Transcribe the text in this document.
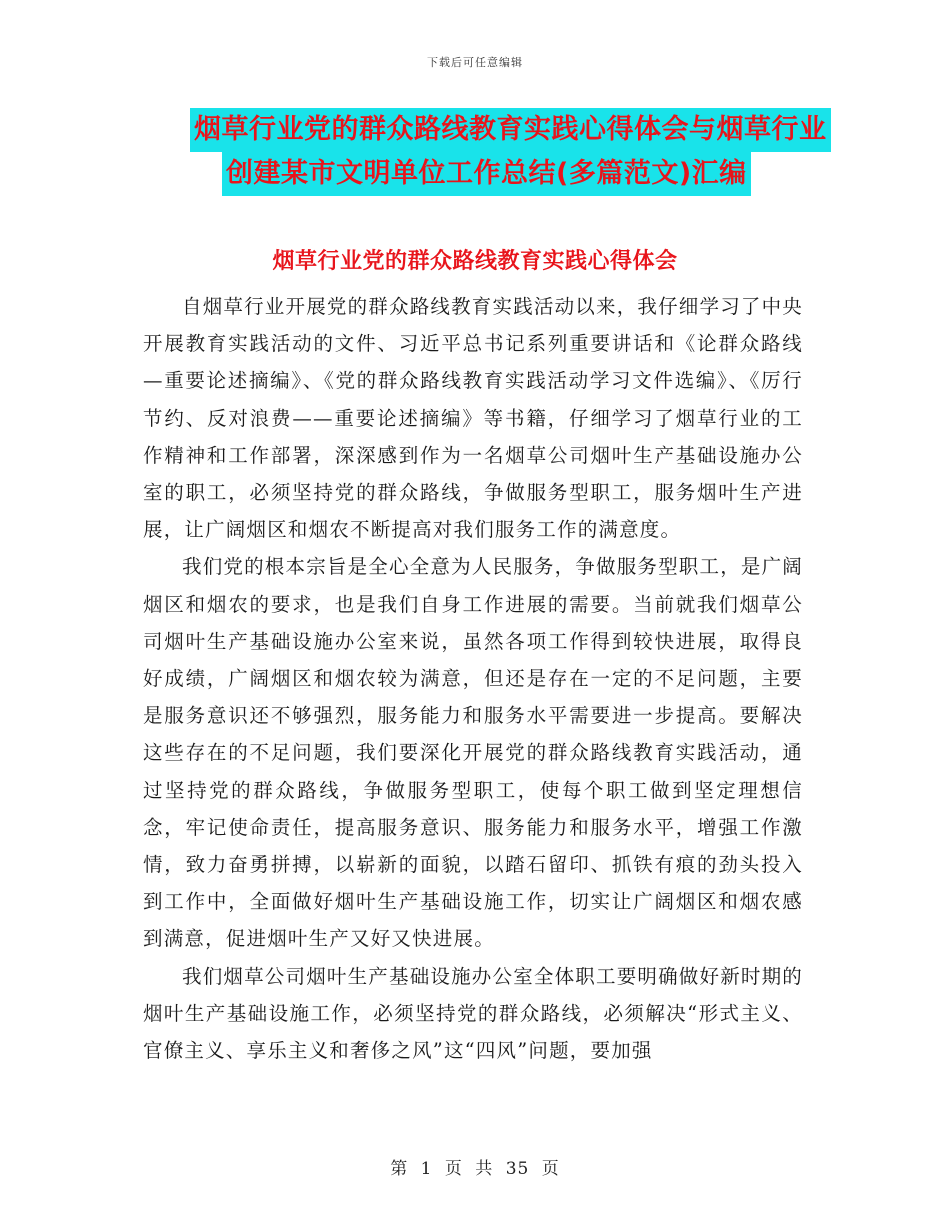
下载后可任意编辑
烟草行业党的群众路线教育实践心得体会与烟草行业
创建某市文明单位工作总结(多篇范文)汇编
烟草行业党的群众路线教育实践心得体会

自烟草行业开展党的群众路线教育实践活动以来，我仔细学习了中央开展教育实践活动的文件、习近平总书记系列重要讲话和《论群众路线—重要论述摘编》、《党的群众路线教育实践活动学习文件选编》、《厉行节约、反对浪费——重要论述摘编》等书籍，仔细学习了烟草行业的工作精神和工作部署，深深感到作为一名烟草公司烟叶生产基础设施办公室的职工，必须坚持党的群众路线，争做服务型职工，服务烟叶生产进展，让广阔烟区和烟农不断提高对我们服务工作的满意度。

我们党的根本宗旨是全心全意为人民服务，争做服务型职工，是广阔烟区和烟农的要求，也是我们自身工作进展的需要。当前就我们烟草公司烟叶生产基础设施办公室来说，虽然各项工作得到较快进展，取得良好成绩，广阔烟区和烟农较为满意，但还是存在一定的不足问题，主要是服务意识还不够强烈，服务能力和服务水平需要进一步提高。要解决这些存在的不足问题，我们要深化开展党的群众路线教育实践活动，通过坚持党的群众路线，争做服务型职工，使每个职工做到坚定理想信念，牢记使命责任，提高服务意识、服务能力和服务水平，增强工作激情，致力奋勇拼搏，以崭新的面貌，以踏石留印、抓铁有痕的劲头投入到工作中，全面做好烟叶生产基础设施工作，切实让广阔烟区和烟农感到满意，促进烟叶生产又好又快进展。

我们烟草公司烟叶生产基础设施办公室全体职工要明确做好新时期的烟叶生产基础设施工作，必须坚持党的群众路线，必须解决“形式主义、官僚主义、享乐主义和奢侈之风”这“四风”问题，要加强

第 1 页 共 35 页
